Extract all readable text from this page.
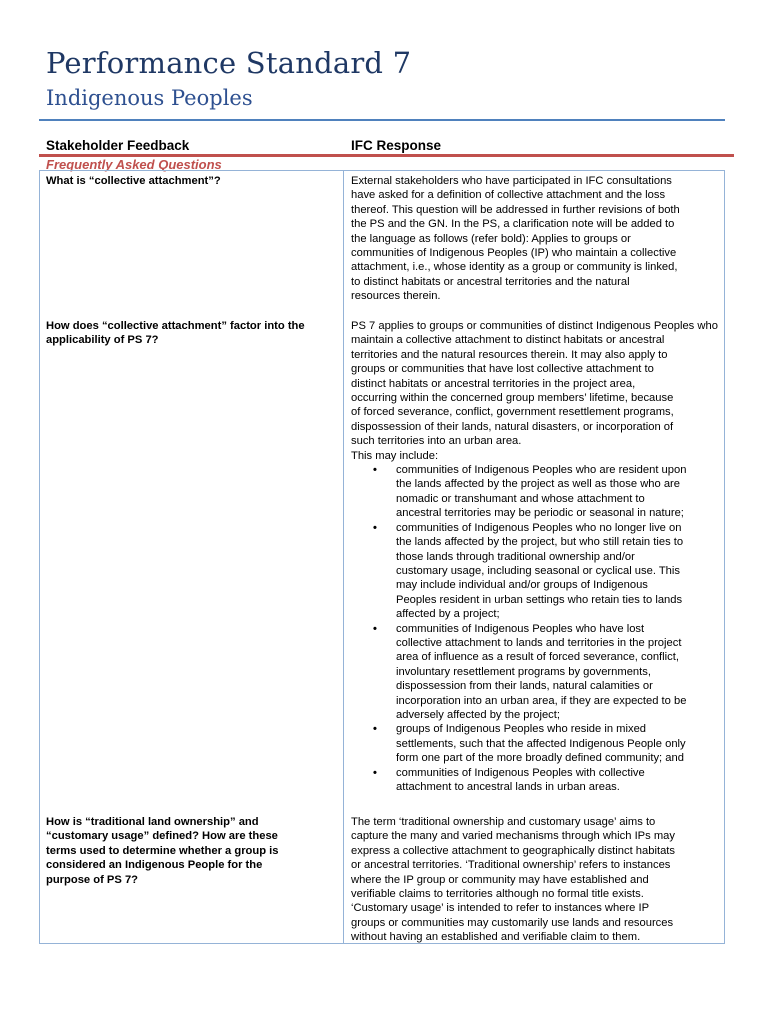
Performance Standard 7
Indigenous Peoples
Stakeholder Feedback	IFC Response
Frequently Asked Questions
What is “collective attachment”?	External stakeholders who have participated in IFC consultations
have asked for a definition of collective attachment and the loss
thereof. This question will be addressed in further revisions of both
the PS and the GN. In the PS, a clarification note will be added to
the language as follows (refer bold): Applies to groups or
communities of Indigenous Peoples (IP) who maintain a collective
attachment, i.e., whose identity as a group or community is linked,
to distinct habitats or ancestral territories and the natural
resources therein.
How does “collective attachment” factor into the
applicability of PS 7?
PS 7 applies to groups or communities of distinct Indigenous Peoples who
maintain a collective attachment to distinct habitats or ancestral
territories and the natural resources therein. It may also apply to
groups or communities that have lost collective attachment to
distinct habitats or ancestral territories in the project area,
occurring within the concerned group members’ lifetime, because
of forced severance, conflict, government resettlement programs,
dispossession of their lands, natural disasters, or incorporation of
such territories into an urban area.
This may include:
• communities of Indigenous Peoples who are resident upon
the lands affected by the project as well as those who are
nomadic or transhumant and whose attachment to
ancestral territories may be periodic or seasonal in nature;
• communities of Indigenous Peoples who no longer live on
the lands affected by the project, but who still retain ties to
those lands through traditional ownership and/or
customary usage, including seasonal or cyclical use. This
may include individual and/or groups of Indigenous
Peoples resident in urban settings who retain ties to lands
affected by a project;
• communities of Indigenous Peoples who have lost
collective attachment to lands and territories in the project
area of influence as a result of forced severance, conflict,
involuntary resettlement programs by governments,
dispossession from their lands, natural calamities or
incorporation into an urban area, if they are expected to be
adversely affected by the project;
• groups of Indigenous Peoples who reside in mixed
settlements, such that the affected Indigenous People only
form one part of the more broadly defined community; and
• communities of Indigenous Peoples with collective
attachment to ancestral lands in urban areas.
How is “traditional land ownership” and
“customary usage” defined? How are these
terms used to determine whether a group is
considered an Indigenous People for the
purpose of PS 7?
The term ‘traditional ownership and customary usage’ aims to
capture the many and varied mechanisms through which IPs may
express a collective attachment to geographically distinct habitats
or ancestral territories. ‘Traditional ownership’ refers to instances
where the IP group or community may have established and
verifiable claims to territories although no formal title exists.
‘Customary usage’ is intended to refer to instances where IP
groups or communities may customarily use lands and resources
without having an established and verifiable claim to them.
